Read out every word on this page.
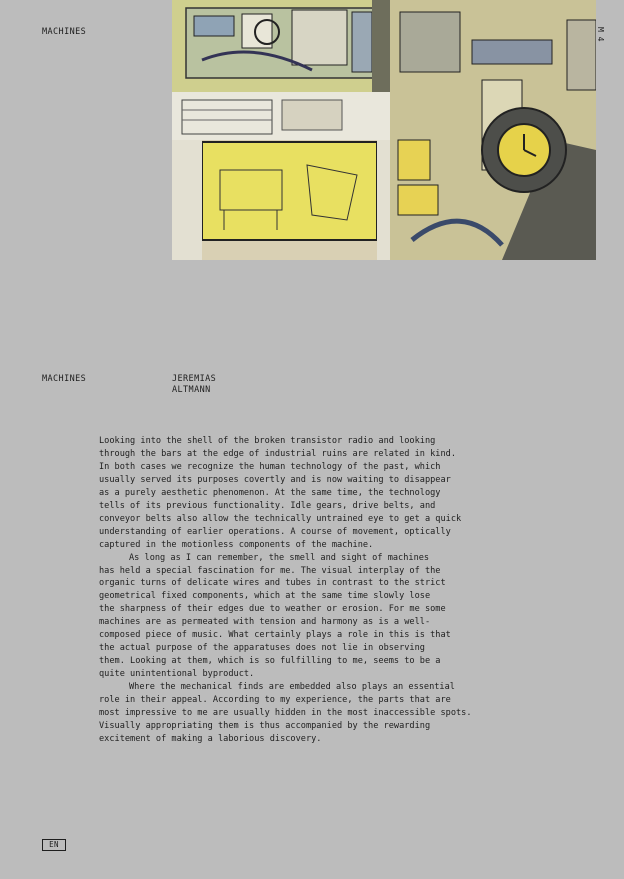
MACHINES	M 4
MACHINES	JEREMIAS ALTMANN

Looking into the shell of the broken transistor radio and looking
through the bars at the edge of industrial ruins are related in kind.
In both cases we recognize the human technology of the past, which
usually served its purposes covertly and is now waiting to disappear
as a purely aesthetic phenomenon. At the same time, the technology
tells of its previous functionality. Idle gears, drive belts, and
conveyor belts also allow the technically untrained eye to get a quick
understanding of earlier operations. A course of movement, optically
captured in the motionless components of the machine.

As long as I can remember, the smell and sight of machines
has held a special fascination for me. The visual interplay of the
organic turns of delicate wires and tubes in contrast to the strict
geometrical fixed components, which at the same time slowly lose
the sharpness of their edges due to weather or erosion. For me some
machines are as permeated with tension and harmony as is a well-
composed piece of music. What certainly plays a role in this is that
the actual purpose of the apparatuses does not lie in observing
them. Looking at them, which is so fulfilling to me, seems to be a
quite unintentional byproduct.

Where the mechanical finds are embedded also plays an essential
role in their appeal. According to my experience, the parts that are
most impressive to me are usually hidden in the most inaccessible spots.
Visually appropriating them is thus accompanied by the rewarding
excitement of making a laborious discovery.

EN
